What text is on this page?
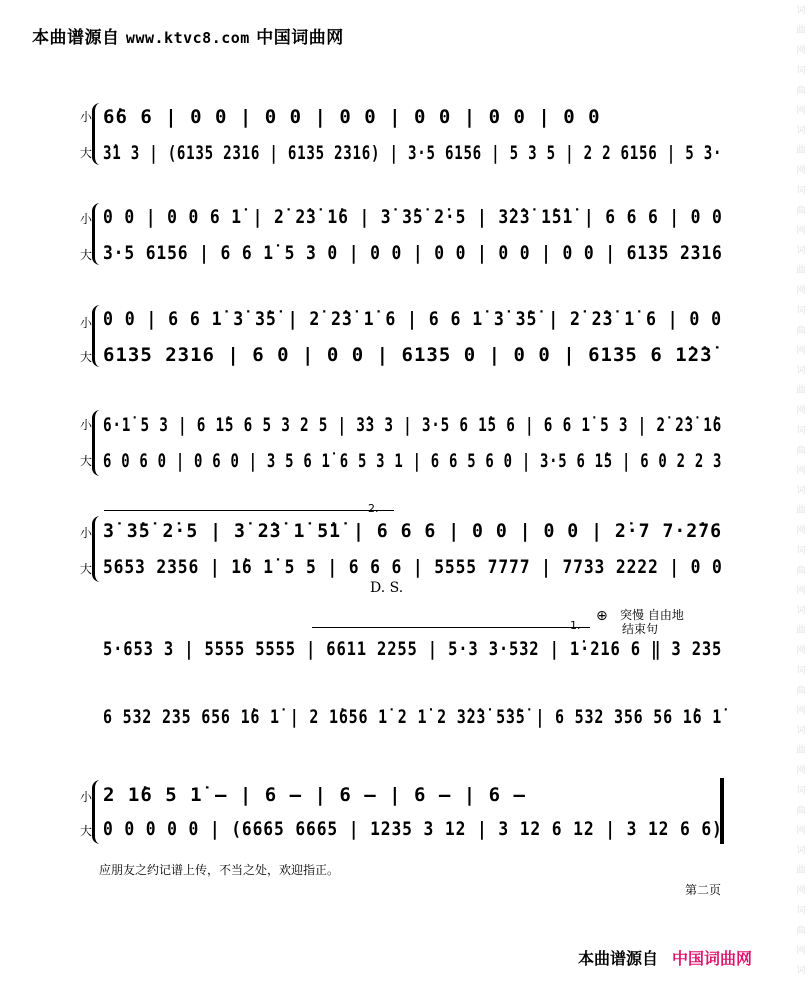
本曲谱源自 www.ktvc8.com 中国词曲网
词
曲
网
词
曲
网
词
曲
网
词
曲
网
词
曲
网
词
曲
网
词
曲
网
词
曲
网
词
曲
网
词
曲
网
词
曲
网
词
曲
网
词
曲
网
词
曲
网
词
曲
网
词
曲
网
词
小
大
6̇6 6 | 0 0 | 0 0 | 0 0 | 0 0 | 0 0 | 0 0
3̇1 3 | (6135 2316 | 6135 2316) | 3·5 6156 | 5 3 5 | 2 2 6156 | 5 3·
小
大
0 0 | 0 0 6 1̇ | 2̇ 2̇3̇ 1̇6 | 3̇ 3̇5̇ 2̇·5 | 3̇2̇3̇ 1̇5̇1̇ | 6 6 6 | 0 0
3·5 6156 | 6 6 1̇ 5 3 0 | 0 0 | 0 0 | 0 0 | 0 0 | 6135 2316
小
大
0 0 | 6 6 1̇ 3̇ 3̇5̇ | 2̇ 2̇3̇ 1̇ 6 | 6 6 1̇ 3̇ 3̇5̇ | 2̇ 2̇3̇ 1̇ 6 | 0 0
6135 2316 | 6 0 | 0 0 | 6135 0 | 0 0 | 6135 6 1̇2̇3̇
小
大
6·1̇ 5 3 | 6 1̇5 6 5 3 2 5 | 3̇3 3 | 3·5 6 1̇5 6 | 6 6 1̇ 5 3 | 2̇ 2̇3̇ 1̇6
6 0 6 0 | 0 6 0 | 3 5 6 1̇ 6 5 3 1 | 6 6 5 6 0 | 3·5 6 1̇5 | 6 0 2 2 3
2.
小
大
3̇ 3̇5̇ 2̇·5 | 3̇ 2̇3̇ 1̇ 5̇1̇ | 6 6 6 | 0 0 | 0 0 | 2̇·7 7·2̇76
5653 2356 | 1̇6 1̇ 5 5 | 6 6 6 | 5555 7777 | 7733 2222 | 0 0
D. S.
1.
⊕ 突慢 自由地
结束句
5·653 3 | 5555 5555 | 6611 2255 | 5·3 3·532 | 1̇·216 6 ‖ 3 235
6 532 235 656 1̇6 1̇ | 2 1̇656 1̇ 2 1̇ 2 3̇2̇3̇ 5̇3̇5̇ | 6 532 356 56 1̇6 1̇
小
大
2 1̇6 5 1̇ — | 6 — | 6 — | 6 — | 6 —
0 0 0 0 0 | (6665 6665 | 1235 3 12 | 3 12 6 12 | 3 12 6 6)
应朋友之约记谱上传，不当之处，欢迎指正。
第二页
本曲谱源自 中国词曲网
